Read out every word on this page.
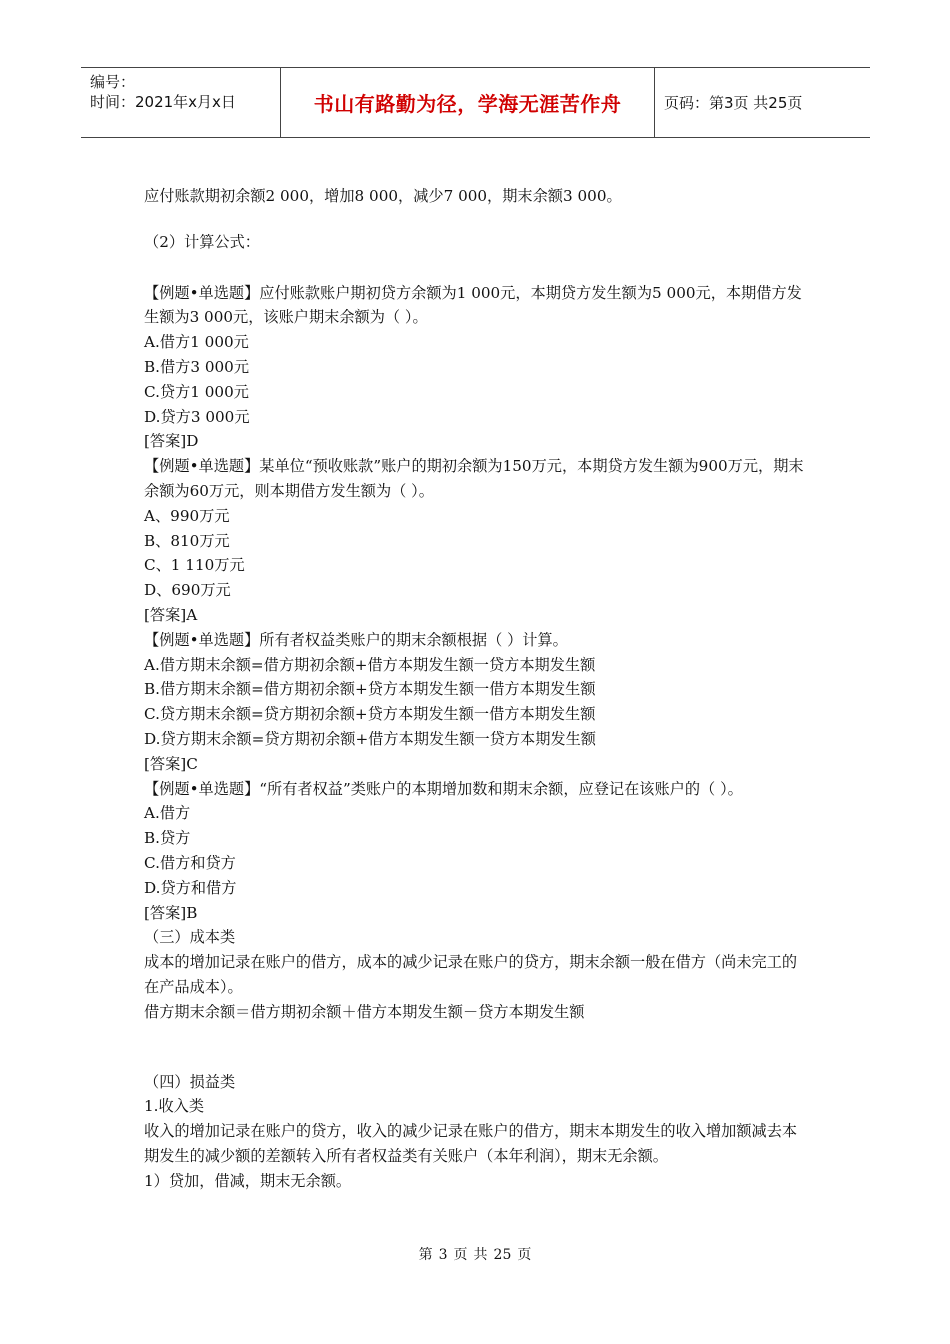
编号：
时间：2021年x月x日	书山有路勤为径，学海无涯苦作舟	页码：第3页 共25页
应付账款期初余额2 000，增加8 000，减少7 000，期末余额3 000。
（2）计算公式：
【例题•单选题】应付账款账户期初贷方余额为1 000元，本期贷方发生额为5 000元，本期借方发生额为3 000元，该账户期末余额为（ ）。
A.借方1 000元
B.借方3 000元
C.贷方1 000元
D.贷方3 000元
[答案]D
【例题•单选题】某单位“预收账款”账户的期初余额为150万元，本期贷方发生额为900万元，期末余额为60万元，则本期借方发生额为（ ）。
A、990万元
B、810万元
C、1 110万元
D、690万元
[答案]A
【例题•单选题】所有者权益类账户的期末余额根据（ ）计算。
A.借方期末余额=借方期初余额+借方本期发生额一贷方本期发生额
B.借方期末余额=借方期初余额+贷方本期发生额一借方本期发生额
C.贷方期末余额=贷方期初余额+贷方本期发生额一借方本期发生额
D.贷方期末余额=贷方期初余额+借方本期发生额一贷方本期发生额
[答案]C
【例题•单选题】“所有者权益”类账户的本期增加数和期末余额，应登记在该账户的（ ）。
A.借方
B.贷方
C.借方和贷方
D.贷方和借方
[答案]B
（三）成本类
成本的增加记录在账户的借方，成本的减少记录在账户的贷方，期末余额一般在借方（尚未完工的在产品成本）。
借方期末余额＝借方期初余额＋借方本期发生额－贷方本期发生额
（四）损益类
1.收入类
收入的增加记录在账户的贷方，收入的减少记录在账户的借方，期末本期发生的收入增加额减去本期发生的减少额的差额转入所有者权益类有关账户（本年利润），期末无余额。
1）贷加，借减，期末无余额。
第 3 页 共 25 页
